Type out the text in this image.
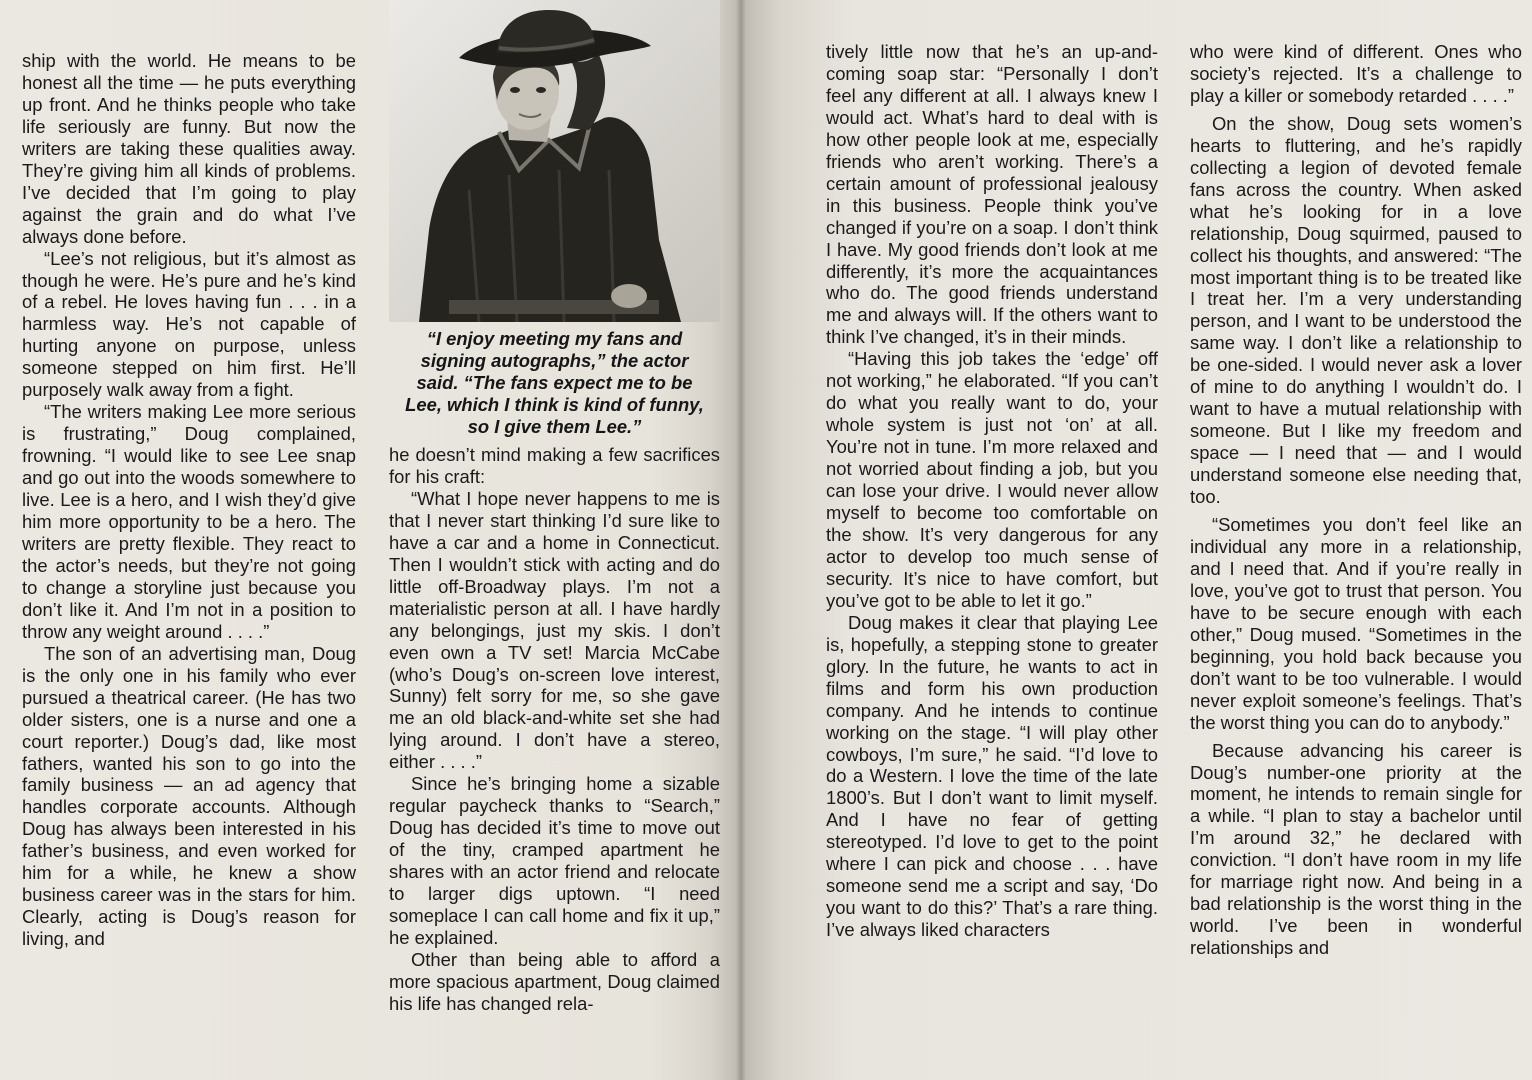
“I enjoy meeting my fans and
signing autographs,” the actor
said. “The fans expect me to be
Lee, which I think is kind of funny,
so I give them Lee.”

ship with the world. He means to be honest all the time — he puts everything up front. And he thinks people who take life seriously are funny. But now the writers are taking these qualities away. They’re giving him all kinds of problems. I’ve decided that I’m going to play against the grain and do what I’ve always done before.

“Lee’s not religious, but it’s almost as though he were. He’s pure and he’s kind of a rebel. He loves having fun . . . in a harmless way. He’s not capable of hurting anyone on purpose, unless someone stepped on him first. He’ll purposely walk away from a fight.

“The writers making Lee more serious is frustrating,” Doug complained, frowning. “I would like to see Lee snap and go out into the woods somewhere to live. Lee is a hero, and I wish they’d give him more opportunity to be a hero. The writers are pretty flexible. They react to the actor’s needs, but they’re not going to change a storyline just because you don’t like it. And I’m not in a position to throw any weight around . . . .”

The son of an advertising man, Doug is the only one in his family who ever pursued a theatrical career. (He has two older sisters, one is a nurse and one a court reporter.) Doug’s dad, like most fathers, wanted his son to go into the family business — an ad agency that handles corporate accounts. Although Doug has always been interested in his father’s business, and even worked for him for a while, he knew a show business career was in the stars for him. Clearly, acting is Doug’s reason for living, and

he doesn’t mind making a few sacrifices for his craft:

“What I hope never happens to me is that I never start thinking I’d sure like to have a car and a home in Connecticut. Then I wouldn’t stick with acting and do little off-Broadway plays. I’m not a materialistic person at all. I have hardly any belongings, just my skis. I don’t even own a TV set! Marcia McCabe (who’s Doug’s on-screen love interest, Sunny) felt sorry for me, so she gave me an old black-and-white set she had lying around. I don’t have a stereo, either . . . .”

Since he’s bringing home a sizable regular paycheck thanks to “Search,” Doug has decided it’s time to move out of the tiny, cramped apartment he shares with an actor friend and relocate to larger digs uptown. “I need someplace I can call home and fix it up,” he explained.

Other than being able to afford a more spacious apartment, Doug claimed his life has changed rela-

tively little now that he’s an up-and-coming soap star: “Personally I don’t feel any different at all. I always knew I would act. What’s hard to deal with is how other people look at me, especially friends who aren’t working. There’s a certain amount of professional jealousy in this business. People think you’ve changed if you’re on a soap. I don’t think I have. My good friends don’t look at me differently, it’s more the acquaintances who do. The good friends understand me and always will. If the others want to think I’ve changed, it’s in their minds.

“Having this job takes the ‘edge’ off not working,” he elaborated. “If you can’t do what you really want to do, your whole system is just not ‘on’ at all. You’re not in tune. I’m more relaxed and not worried about finding a job, but you can lose your drive. I would never allow myself to become too comfortable on the show. It’s very dangerous for any actor to develop too much sense of security. It’s nice to have comfort, but you’ve got to be able to let it go.”

Doug makes it clear that playing Lee is, hopefully, a stepping stone to greater glory. In the future, he wants to act in films and form his own production company. And he intends to continue working on the stage. “I will play other cowboys, I’m sure,” he said. “I’d love to do a Western. I love the time of the late 1800’s. But I don’t want to limit myself. And I have no fear of getting stereotyped. I’d love to get to the point where I can pick and choose . . . have someone send me a script and say, ‘Do you want to do this?’ That’s a rare thing. I’ve always liked characters

who were kind of different. Ones who society’s rejected. It’s a challenge to play a killer or somebody retarded . . . .”

On the show, Doug sets women’s hearts to fluttering, and he’s rapidly collecting a legion of devoted female fans across the country. When asked what he’s looking for in a love relationship, Doug squirmed, paused to collect his thoughts, and answered: “The most important thing is to be treated like I treat her. I’m a very understanding person, and I want to be understood the same way. I don’t like a relationship to be one-sided. I would never ask a lover of mine to do anything I wouldn’t do. I want to have a mutual relationship with someone. But I like my freedom and space — I need that — and I would understand someone else needing that, too.

“Sometimes you don’t feel like an individual any more in a relationship, and I need that. And if you’re really in love, you’ve got to trust that person. You have to be secure enough with each other,” Doug mused. “Sometimes in the beginning, you hold back because you don’t want to be too vulnerable. I would never exploit someone’s feelings. That’s the worst thing you can do to anybody.”

Because advancing his career is Doug’s number-one priority at the moment, he intends to remain single for a while. “I plan to stay a bachelor until I’m around 32,” he declared with conviction. “I don’t have room in my life for marriage right now. And being in a bad relationship is the worst thing in the world. I’ve been in wonderful relationships and
